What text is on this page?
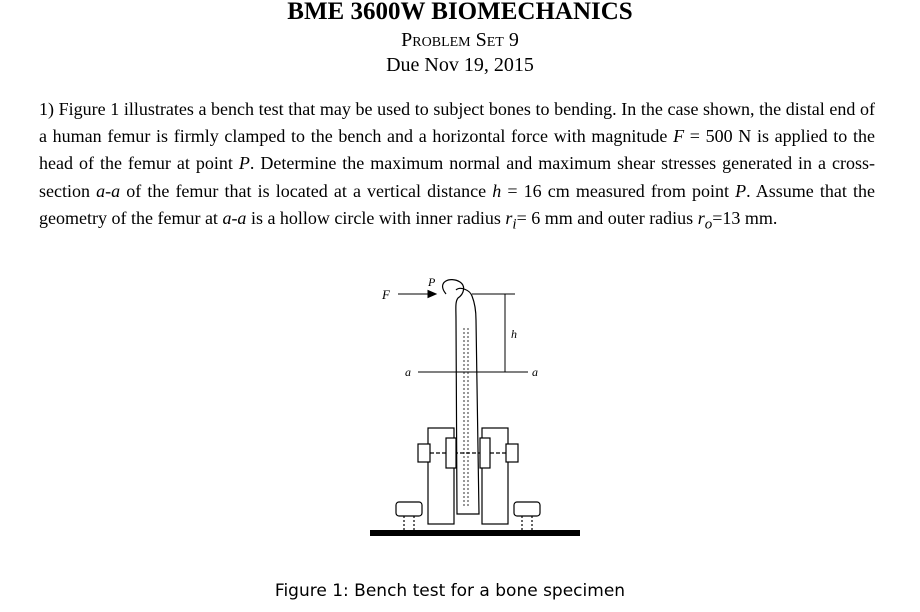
BME 3600W BIOMECHANICS
Problem Set 9
Due Nov 19, 2015

1) Figure 1 illustrates a bench test that may be used to subject bones to bending. In the case shown, the distal end of a human femur is firmly clamped to the bench and a horizontal force with magnitude F = 500 N is applied to the head of the femur at point P. Determine the maximum normal and maximum shear stresses generated in a cross-section a-a of the femur that is located at a vertical distance h = 16 cm measured from point P. Assume that the geometry of the femur at a-a is a hollow circle with inner radius $r_i= 6$ mm and outer radius $r_o=13$ mm.

F
P
h
a	a
Figure 1: Bench test for a bone specimen
